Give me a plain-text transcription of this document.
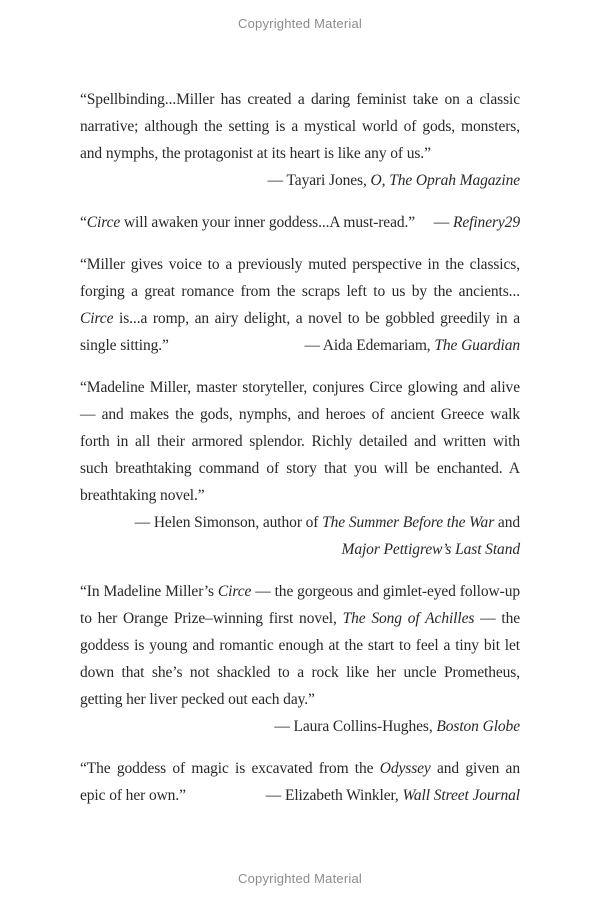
Copyrighted Material

“Spellbinding...Miller has created a daring feminist take on a classic narrative; although the setting is a mystical world of gods, monsters, and nymphs, the protagonist at its heart is like any of us.”

— Tayari Jones, O, The Oprah Magazine

“Circe will awaken your inner goddess...A must-read.” — Refinery29

“Miller gives voice to a previously muted perspective in the classics, forging a great romance from the scraps left to us by the ancients... Circe is...a romp, an airy delight, a novel to be gobbled greedily in a single sitting.”	— Aida Edemariam, The Guardian

“Madeline Miller, master storyteller, conjures Circe glowing and alive — and makes the gods, nymphs, and heroes of ancient Greece walk forth in all their armored splendor. Richly detailed and written with such breathtaking command of story that you will be enchanted. A breathtaking novel.”

— Helen Simonson, author of The Summer Before the War and
Major Pettigrew’s Last Stand

“In Madeline Miller’s Circe — the gorgeous and gimlet-eyed follow-up to her Orange Prize–winning first novel, The Song of Achilles — the goddess is young and romantic enough at the start to feel a tiny bit let down that she’s not shackled to a rock like her uncle Prometheus, getting her liver pecked out each day.”

— Laura Collins-Hughes, Boston Globe

“The goddess of magic is excavated from the Odyssey and given an epic of her own.”	— Elizabeth Winkler, Wall Street Journal

Copyrighted Material
